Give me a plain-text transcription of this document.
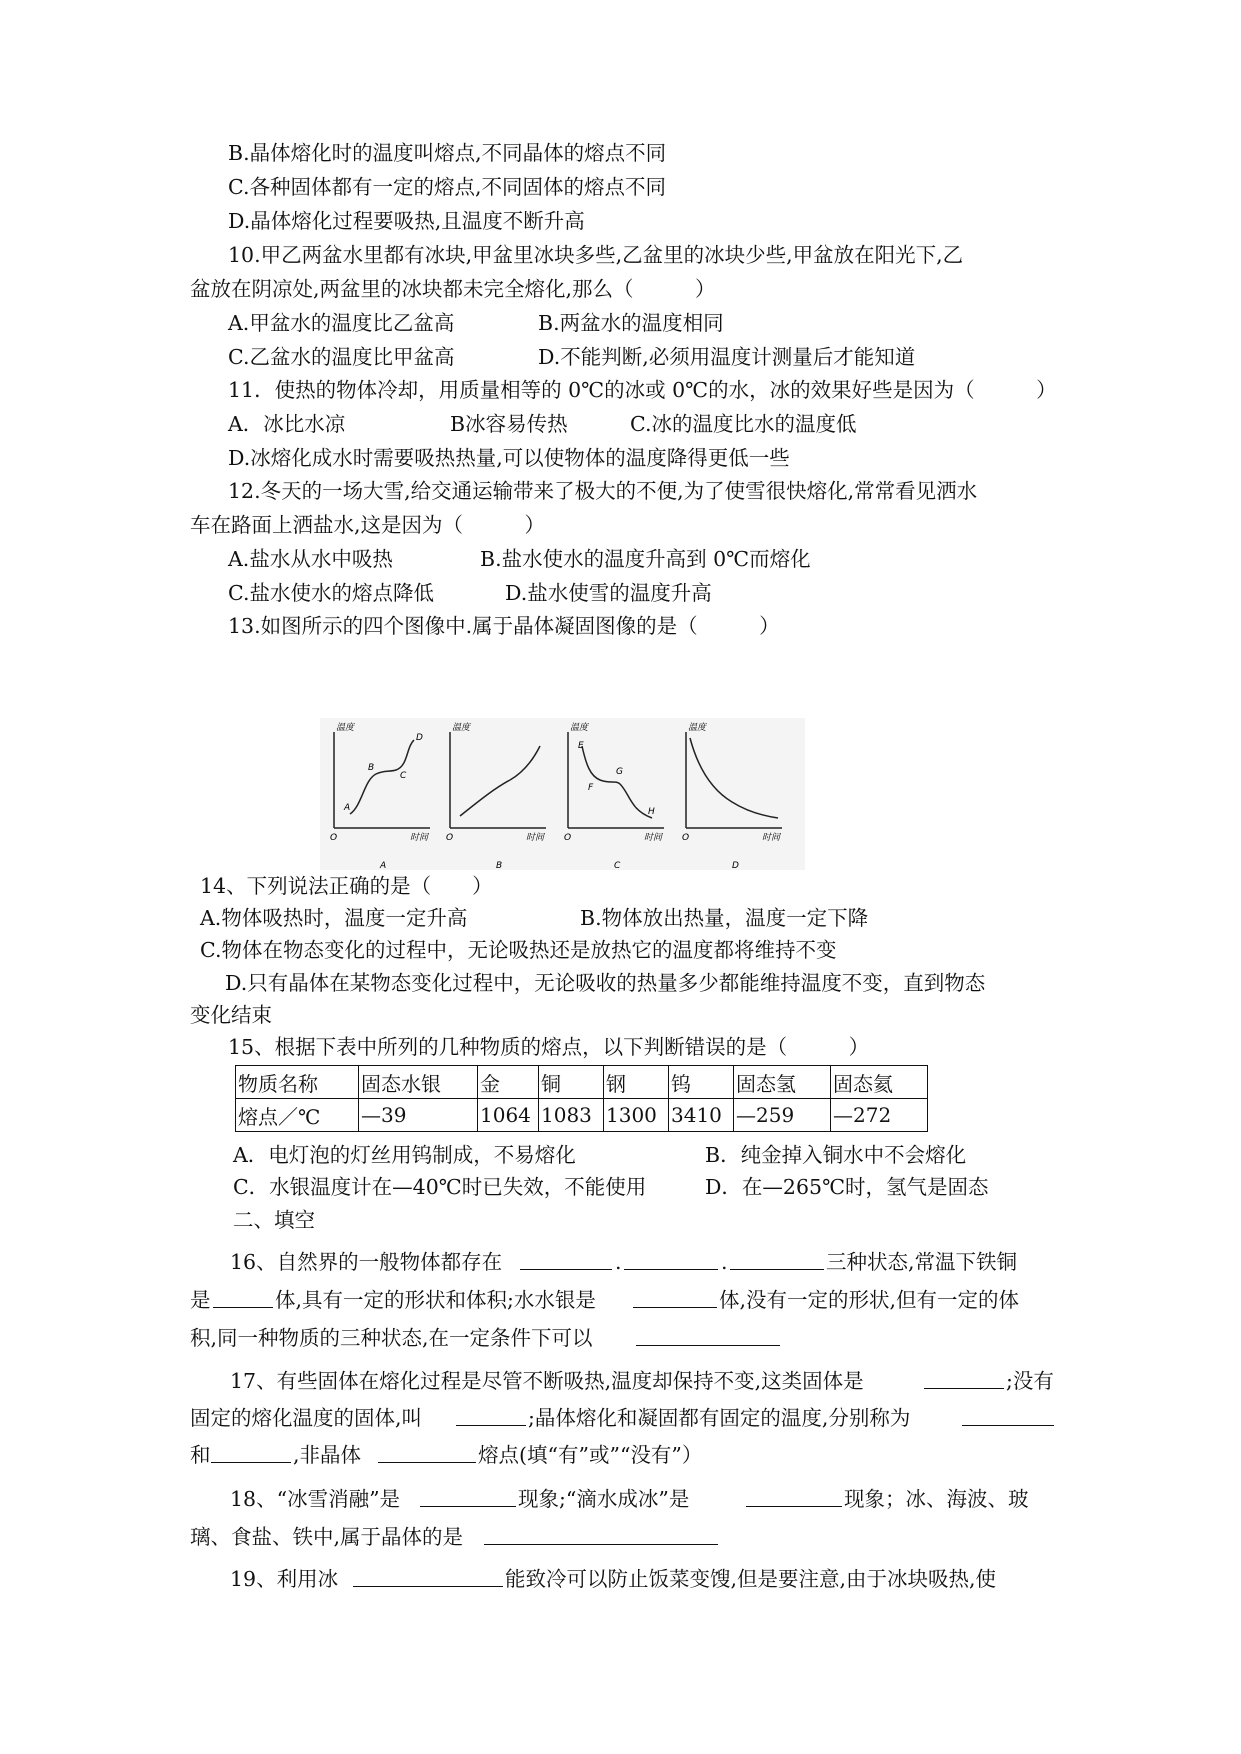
B.晶体熔化时的温度叫熔点,不同晶体的熔点不同
C.各种固体都有一定的熔点,不同固体的熔点不同
D.晶体熔化过程要吸热,且温度不断升高
10.甲乙两盆水里都有冰块,甲盆里冰块多些,乙盆里的冰块少些,甲盆放在阳光下,乙
盆放在阴凉处,两盆里的冰块都未完全熔化,那么（　　　）
A.甲盆水的温度比乙盆高	B.两盆水的温度相同
C.乙盆水的温度比甲盆高	D.不能判断,必须用温度计测量后才能知道
11．使热的物体冷却，用质量相等的 0℃的冰或 0℃的水，冰的效果好些是因为（　　　）
A．冰比水凉	B冰容易传热	C.冰的温度比水的温度低
D.冰熔化成水时需要吸热热量,可以使物体的温度降得更低一些
12.冬天的一场大雪,给交通运输带来了极大的不便,为了使雪很快熔化,常常看见洒水
车在路面上洒盐水,这是因为（　　　）
A.盐水从水中吸热	B.盐水使水的温度升高到 0℃而熔化
C.盐水使水的熔点降低	D.盐水使雪的温度升高
13.如图所示的四个图像中.属于晶体凝固图像的是（　　　）
温度
时间
O
A
B
C
D
A
温度
时间
O
B
温度
时间
O
E
F
G
H
C
温度
时间
O
D
14、下列说法正确的是（　　）
A.物体吸热时，温度一定升高	B.物体放出热量，温度一定下降
C.物体在物态变化的过程中，无论吸热还是放热它的温度都将维持不变
D.只有晶体在某物态变化过程中，无论吸收的热量多少都能维持温度不变，直到物态
变化结束
15、根据下表中所列的几种物质的熔点，以下判断错误的是（　　　）
物质名称	固态水银	金	铜	钢	钨	固态氢	固态氦
熔点／℃	—39	1064	1083	1300	3410	—259	—272
A．电灯泡的灯丝用钨制成，不易熔化	B．纯金掉入铜水中不会熔化
C．水银温度计在—40℃时已失效，不能使用	D．在—265℃时，氢气是固态
二、填空
16、自然界的一般物体都存在	.	.	三种状态,常温下铁铜
是	体,具有一定的形状和体积;水水银是	体,没有一定的形状,但有一定的体
积,同一种物质的三种状态,在一定条件下可以
17、有些固体在熔化过程是尽管不断吸热,温度却保持不变,这类固体是	;没有
固定的熔化温度的固体,叫	;晶体熔化和凝固都有固定的温度,分别称为
和	,非晶体	熔点(填“有”或”“没有”）
18、“冰雪消融”是	现象;“滴水成冰”是	现象；冰、海波、玻
璃、食盐、铁中,属于晶体的是
19、利用冰	能致冷可以防止饭菜变馊,但是要注意,由于冰块吸热,使
